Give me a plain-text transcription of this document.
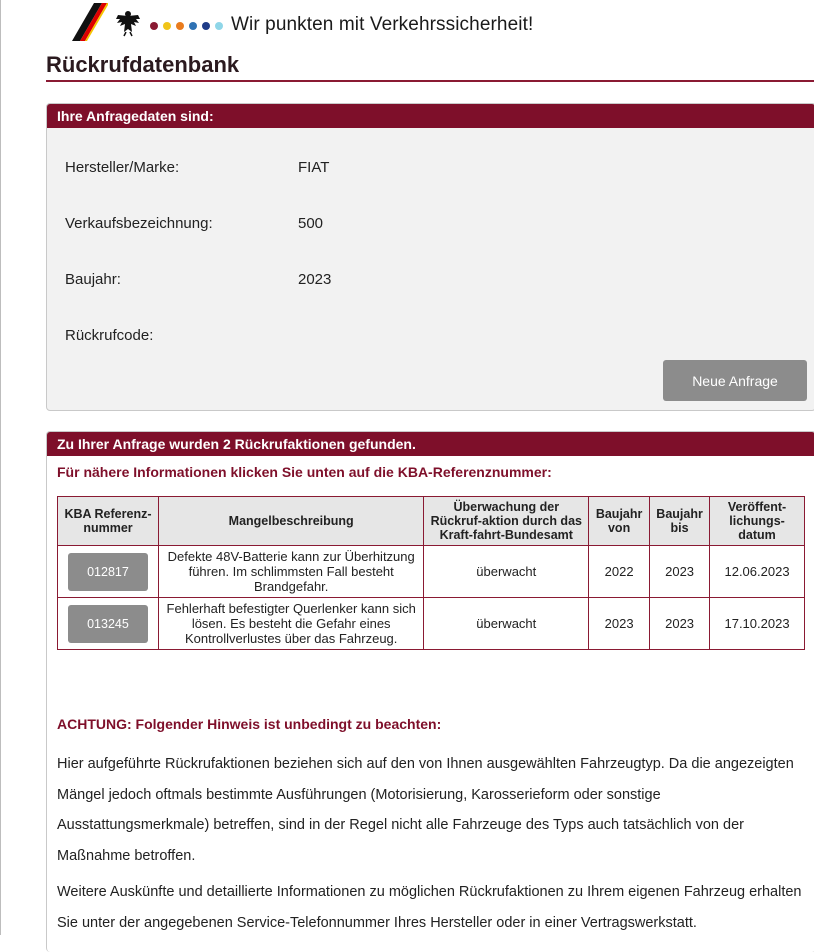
Wir punkten mit Verkehrssicherheit!
Rückrufdatenbank
Ihre Anfragedaten sind:
Hersteller/Marke:	FIAT
Verkaufsbezeichnung:	500
Baujahr:	2023
Rückrufcode:
Neue Anfrage
Zu Ihrer Anfrage wurden 2 Rückrufaktionen gefunden.
Für nähere Informationen klicken Sie unten auf die KBA-Referenznummer:
KBA Referenz-nummer	Mangelbeschreibung	Überwachung der Rückruf-aktion durch das Kraft-fahrt-Bundesamt	Baujahr von	Baujahr bis	Veröffent-lichungs-datum
012817	Defekte 48V-Batterie kann zur Überhitzung führen. Im schlimmsten Fall besteht Brandgefahr.	überwacht	2022	2023	12.06.2023
013245	Fehlerhaft befestigter Querlenker kann sich lösen. Es besteht die Gefahr eines Kontrollverlustes über das Fahrzeug.	überwacht	2023	2023	17.10.2023
ACHTUNG: Folgender Hinweis ist unbedingt zu beachten:

Hier aufgeführte Rückrufaktionen beziehen sich auf den von Ihnen ausgewählten Fahrzeugtyp. Da die angezeigten Mängel jedoch oftmals bestimmte Ausführungen (Motorisierung, Karosserieform oder sonstige Ausstattungsmerkmale) betreffen, sind in der Regel nicht alle Fahrzeuge des Typs auch tatsächlich von der Maßnahme betroffen.

Weitere Auskünfte und detaillierte Informationen zu möglichen Rückrufaktionen zu Ihrem eigenen Fahrzeug erhalten Sie unter der angegebenen Service-Telefonnummer Ihres Hersteller oder in einer Vertragswerkstatt.
